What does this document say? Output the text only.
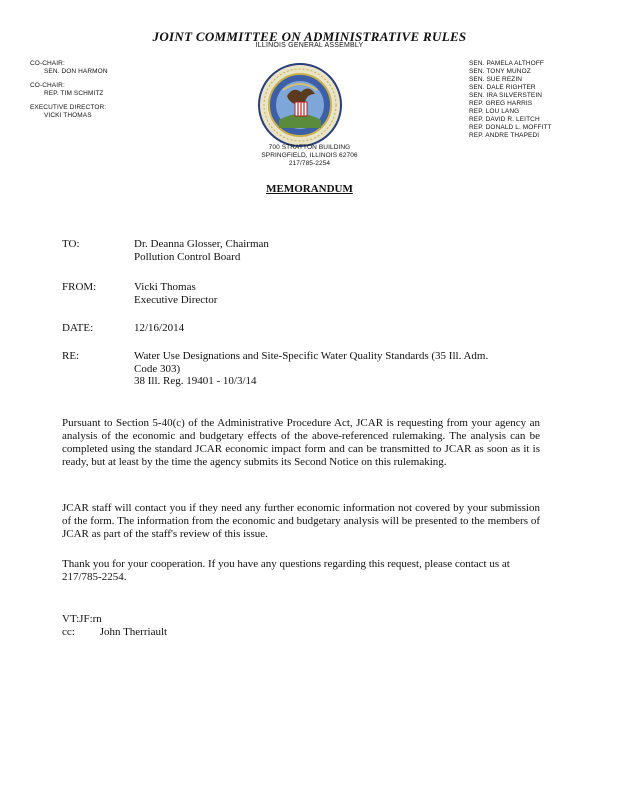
JOINT COMMITTEE ON ADMINISTRATIVE RULES
ILLINOIS GENERAL ASSEMBLY
CO-CHAIR:
SEN. DON HARMON
CO-CHAIR:
REP. TIM SCHMITZ
EXECUTIVE DIRECTOR:
VICKI THOMAS
SEN. PAMELA ALTHOFF
SEN. TONY MUNOZ
SEN. SUE REZIN
SEN. DALE RIGHTER
SEN. IRA SILVERSTEIN
REP. GREG HARRIS
REP. LOU LANG
REP. DAVID R. LEITCH
REP. DONALD L. MOFFITT
REP. ANDRE THAPEDI
700 STRATTON BUILDING
SPRINGFIELD, ILLINOIS 62706
217/785-2254
MEMORANDUM
TO:	Dr. Deanna Glosser, Chairman
Pollution Control Board
FROM:	Vicki Thomas
Executive Director
DATE:	12/16/2014
RE:	Water Use Designations and Site-Specific Water Quality Standards (35 Ill. Adm.
Code 303)
38 Ill. Reg. 19401 - 10/3/14
Pursuant to Section 5-40(c) of the Administrative Procedure Act, JCAR is requesting from your agency an analysis of the economic and budgetary effects of the above-referenced rulemaking. The analysis can be completed using the standard JCAR economic impact form and can be transmitted to JCAR as soon as it is ready, but at least by the time the agency submits its Second Notice on this rulemaking.
JCAR staff will contact you if they need any further economic information not covered by your submission of the form. The information from the economic and budgetary analysis will be presented to the members of JCAR as part of the staff's review of this issue.
Thank you for your cooperation. If you have any questions regarding this request, please contact us at 217/785-2254.
VT:JF:rn
cc: John Therriault
